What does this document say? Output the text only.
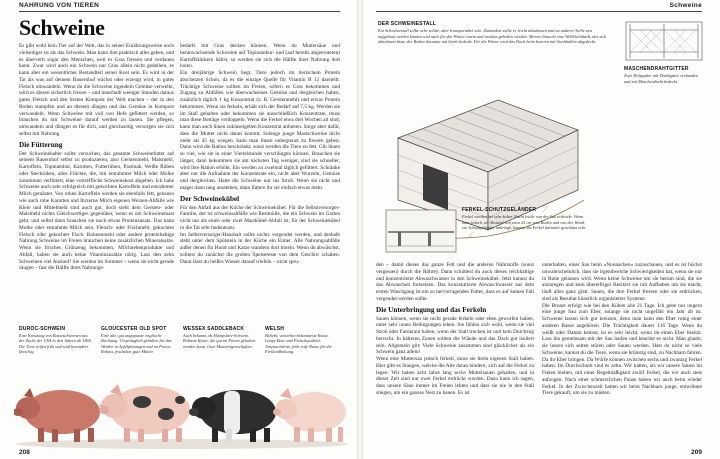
NAHRUNG VON TIEREN
Schweine

Es gibt wohl kein Tier auf der Welt, das in seiner Ernährungsweise noch vielseitiger ist als das Schwein. Man kann ihm praktisch alles geben, und es überverlt sogar den Menschen, weil es Gras fressen und verdauen kann. Zwar wird auch ein Schwein nur Gras allein nicht gedeihen, es kann aber ein wesentlicher Bestandteil seiner Kost sein. Es wird in der Tat als was auf deinem Bauernhof wächst oder erzeugt wird, in gutes Fleisch umwandeln. Wenn du die Schweine irgendein Gemüse verwelkt, wird es diesen sicherlich freuen – und innerhalb weniger Stunden daraus gutes Fleisch und den besten Kompost der Welt machen – der in den Boden stampfen und an diesem düngen und das Gemüse in Kompost verwandeln. Wenn Schweine mit voll von Hefe gefüttert werden, so brauchen du mir Schweine darauf werden zu lassen. Sie pflegen, umwandeln und düngen es für dich, und gleichzeitig versorgen sie sich selbst mit Nahrung.

Die Fütterung

Der Schweinehalter sollte versuchen, das gesamte Schweinefutter auf seinem Bauernhof selbst zu produzieren, also Gerstenmehl, Maismehl, Kartoffeln, Topinambur, Karotten, Futterrüben, Pastinak, Weiße Rüben oder Steckrüben, alles Früchte, die, mit entrahmter Milch oder Molke zusammen verfüttert, eine vortreffliche Schweinekost abgeben. Ich habe Schweine auch sehr erfolgreich mit gekochten Kartoffeln und entrahmter Milch gemästet. Von rohen Kartoffeln werden sie ebenfalls fett, genauso wie auch rohe Karotten und Ihrzerne Milch eigenen Weizen-Abfälle wie Kleie und Mittelmehl sind auch gut, doch sieht dem Gersten- oder Maismehl nichts Gleichwertiges gegenüber, wenn es um Schweinemast geht, und selbst dann brauchen sie noch etwas Proteinzusatz. Das kann Molke oder entrahmte Milch sein, Fleisch- oder Fischmehl, gekochtes Fleisch oder gekochter Fisch. Bohnenmehl oder andere proteinhaltige Nahrung Schweine im Freien brauchen keine zusätzlichen Mineralsalze. Wenn sie frisches Grünzeug bekommen, Milchnebenprodukte und Abfall, haben sie auch keine Vitaminzusätze nötig. Lass den zehn Schweinen viel Auslauf! Sie werden im Sommer – wenn sie nicht gerade säugen – fast die Hälfte ihres Nahrungs-

bedarfs mit Gras decken können. Wenn du Muttersäue und heranwachsende Schweine auf Topinambur- und (auf bereits abgeernteten) Kartoffeläckern hältst, so werden sie sich die Hälfte ihrer Nahrung dort holen.

Ein dreijährige Schwein liegt. Tiere jedoch im tierischem Protein abschetzen Schon, da es die einzige Quelle für Vitamin B 12 darstellt. Trächtige Schweine sollten im Freien, sofern es Gras bekommen und Zugang zu Abfällen wie überwachsenes Gemüse und dergleichen haben, zusätzlich täglich 1 kg Konzentrat (z. B. Gerstenmehl) und etwas Protein bekommen. Wenn sie ferkeln, erhält sich der Bedarf auf 7,5 kg. Werden sie im Stall gehalten oder bekommen sie ausschließlich Konzentrate, muss man diese Beträge verdoppeln. Wenn die Ferkel etwa drei Wochen alt sind, kann man auch ihnen zuklaseigeben Konzentrat anbieten. Sorge aber dafür, dass die Mutter nicht daran kommt. Solange junge Mastschweine nicht mehr als 45 kg wiegen, kann man ihnen unbegrenzt zu fressen geben. Dann wird die Ration beschränkt, sonst werden die Tiere zu fett. Gib ihnen so viel, wie sie in einer Viertelstunde verschlingen können. Brauchen sie länger, dann bekommen sie am nächsten Tag weniger, sind sie schneller, wird ihre Ration erhöht. Ein werden zu zweimal täglich gefüttert. Schränke aber nur die Aufnahme der Konzentrate ein, nicht aber Wurzeln, Gemüse und dergleichen. Halte die Schweine nur ins Stroh. Wenn sie nicht und mager dann lang ausstehen, dann füttere ihr sie einfach etwas mehr.

Der Schweinekübel

Für den Abfall aus der Küche der Schweinekübel. Für die Selbstversorger-Familie, der ist schweinsabfälle wie Restmülle, die ein Schwein im Garten nicht nur als einen oder zwei Mastkübel-Abfall ist, für der Schweinekübel in die Tat sehr bedeutsam.

Im Selbstversorger-Haushalt sollte nichts vergeudet werden, und deshalb steht unter dem Spülstein in der Küche ein Eimer. Alle Nahrungsabfälle außer denen für Hund und Katze wandern dort hinein. Wenn du abwäschst, solltest du zunächst die groben Speisereste von dem Geschirr schaben. Dann lässt du heißes Wasser darauf triefeln – nicht spru-

DUROC-SCHWEIN
Eine Kreuzung von Rasseschweinen aus der Zucht der USA in den Jahren ab 1860. Die Tiere reifen früh und sind besonders fleischig.
GLOUCESTER OLD SPOT
Eine alte, gut angepasste englische Züchtung. Ursprünglich gehalten für das Weiden in Apfelplantagen und im Freien. Robust, fruchtbar, gute Mütter.
WESSEX SADDLEBACK
Auch bekannt als Hampshire-Schwein. Robuste Rasse, die gut im Freien gehalten werden kann. Gute Muttereigenschaften.
WELSH
Beliebt, weiterhin bekannteste Rasse. Lange Bau- und Fleischqualität. Anspruchslose, früh reife Rasse für die Freilandhaltung.
208
Schweine
DER SCHWEINESTALL
Ein Schweinestall sollte sehr solide, aber transportabel sein. Zumindest sollte er leicht abzubauen und an anderer Stelle neu aufgebaut werden können und auch für den Winter warm und trocken gehalten werden. Meiner braucht eine Wellblechdach, das sich abnehmen lässt, der Boden darunter mit Stroh bedeckt. Für die Winter wird das Dach beim Inneren mit Strohballen abgedeckt.
MASCHENDRAHTGITTER
Zwei Holzgatter mit Drahtgitter verbunden und mit Maschendraht bedeckt.
FERKEL-SCHUTZGELÄNDER
Ferkel werden bei sehr kalter Nacht leicht von der Sau erdrückt. Wenn man jedoch, im Abstand von etwa 25 cm vom Boden und von der Wand, ein Schutzgeländer anbringt, können die Ferkel darunter geschützt sein.

den – damit dieses das ganze Fett und die anderen Nährstoffe (sonst vergessen) durch die Röhre). Dann schüttest du auch dieses reichhaltige und konzentrierte Abwaschwasser in den Schweinekübel. Jetzt kannst du das Abwaschen fortsetzen. Das konzentrierte Abwaschwasser aus dem ersten Waschgang ist ein so hervorragendes Futter, dass es auf keinen Fall vergeudet werden sollte.

Die Unterbringung und das Ferkeln

Sauen können, wenn sie nicht gerade ferkeln oder eben geworfen haben, unter sehr rauen Bedingungen leben. Sie fühlen sich wohl, wenn sie viel Stroh oder Farnkraut haben, wenn der Stall trocken ist und kein Durchzug herrscht. In kälteren Zonen sollten die Wände und das Dach gut isoliert sein. Allgemein gilt: Viele Schweine zusammen sind glücklicher als ein Schwein ganz allein!

Wenn eine Muttersau jedoch ferkelt, muss sie ihren eigenen Stall haben. Hier gibt es Stangen, welche die Alte daran hindern, sich auf die Ferkel zu legen. Wir haben acht Jahre lang sechs Muttersauen gehalten, und in dieser Zeit sind nur zwei Ferkel erdrückt worden. Dazu kann ich sagen, dass unsere Säue immer im Freien lebten und dass sie nie in den Stall stiegen, um ein ganzes Nest zu bauen. Es ist

unterhalten, einer Sau beim »Nonnachen« zuzuschauen, und es ist höchst unwahrscheinlich, dass sie irgendwelche Schwierigkeiten hat, wenn sie nur in Ruhe gelassen wird. Wenn keine Schweine um sie herum sind, die sie anzuregen und kein übereifriger Besitzer sie mit Aufheben um sie macht, läuft alles ganz glatt. Sauen, die ihre Ferkel fressen oder sie erdrücken, sind als Resultat künstlich organisierter Systeme.

Die Brunst erfolgt wie bei den Kühen alle 21 Tage. Ich gebe nur ungern eine junge Sau zum Eber, solange sie nicht ungefähr ein Jahr alt ist. Schweine lassen sich gut kreuzen, denn man kann den Eber ruhig einer anderen Rasse angehören. Die Trächtigkeit dauert 116 Tage. Wenn du weißt oder Datum kennst, ist es sehr leicht, wenn du einen Eber besitzt. Lass ihn gemeinsam mit der Sau laufen und beachte es nicht. Man glaubt, sie lassen sich selten stören oder Sauen werden. Hast du nicht so viele Schweine, kannst du die Tiere, wenn sie brünstig sind, zu Nachbarn fahren. Da ihr Eber bringen. Da Würfe können zwischen sechs und zwanzig Ferkel haben. Im Durchschnitt sind es zehn. Wir hatten, als wir unsere Sauen im Freien hielten, mit einer Regelmäßigkeit zwölf Ferkel, die wir auch stets aufzogen. Nach einer schmerzlichen Pause haben wir auch beim wieder Ferkel. In der Zwischenzeit hatten wir beim Nachbarn junge, entwöhnte Tiere gekauft, um sie zu mästen.

209
